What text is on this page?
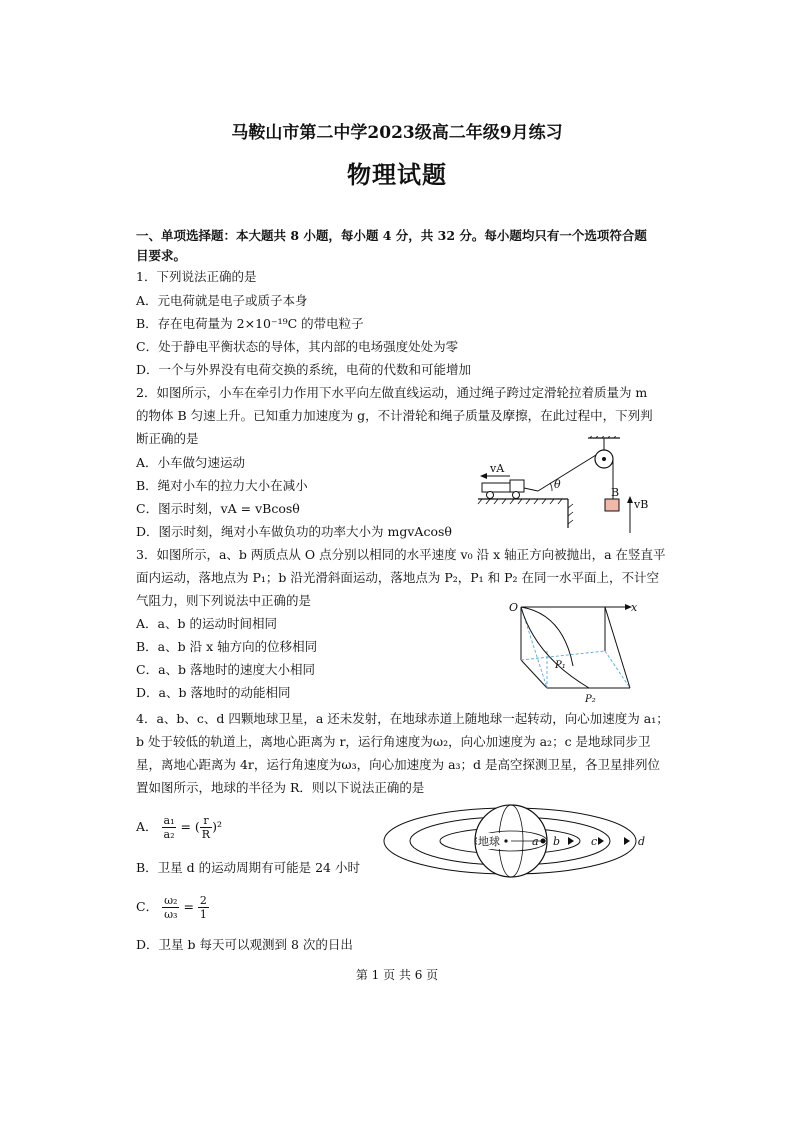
马鞍山市第二中学2023级高二年级9月练习
物理试题
一、单项选择题：本大题共 8 小题，每小题 4 分，共 32 分。每小题均只有一个选项符合题目要求。
1．下列说法正确的是
A．元电荷就是电子或质子本身
B．存在电荷量为 2×10⁻¹⁹C 的带电粒子
C．处于静电平衡状态的导体，其内部的电场强度处处为零
D．一个与外界没有电荷交换的系统，电荷的代数和可能增加
2．如图所示，小车在牵引力作用下水平向左做直线运动，通过绳子跨过定滑轮拉着质量为 m
的物体 B 匀速上升。已知重力加速度为 g，不计滑轮和绳子质量及摩擦，在此过程中，下列判
断正确的是
A．小车做匀速运动
B．绳对小车的拉力大小在减小
C．图示时刻，vA = vBcosθ
D．图示时刻，绳对小车做负功的功率大小为 mgvAcosθ
B
vB
θ
vA
3．如图所示，a、b 两质点从 O 点分别以相同的水平速度 v₀ 沿 x 轴正方向被抛出，a 在竖直平
面内运动，落地点为 P₁；b 沿光滑斜面运动，落地点为 P₂，P₁ 和 P₂ 在同一水平面上，不计空
气阻力，则下列说法中正确的是
A．a、b 的运动时间相同
B．a、b 沿 x 轴方向的位移相同
C．a、b 落地时的速度大小相同
D．a、b 落地时的动能相同
O	x
P₁
P₂
4．a、b、c、d 四颗地球卫星，a 还未发射，在地球赤道上随地球一起转动，向心加速度为 a₁；
b 处于较低的轨道上，离地心距离为 r，运行角速度为ω₂，向心加速度为 a₂；c 是地球同步卫
星，离地心距离为 4r，运行角速度为ω₃，向心加速度为 a₃；d 是高空探测卫星，各卫星排列位
置如图所示，地球的半径为 R．则以下说法正确的是
A． $\frac{\text{a₁}}{\text{a₂}}$ = ( $\frac{r}{R} )^2$
B．卫星 d 的运动周期有可能是 24 小时
C． $\frac{\text{ω₂}}{\text{ω₃}} = \frac{2}{1}$
D．卫星 b 每天可以观测到 8 次的日出
地球	a b	c	d
第 1 页 共 6 页
